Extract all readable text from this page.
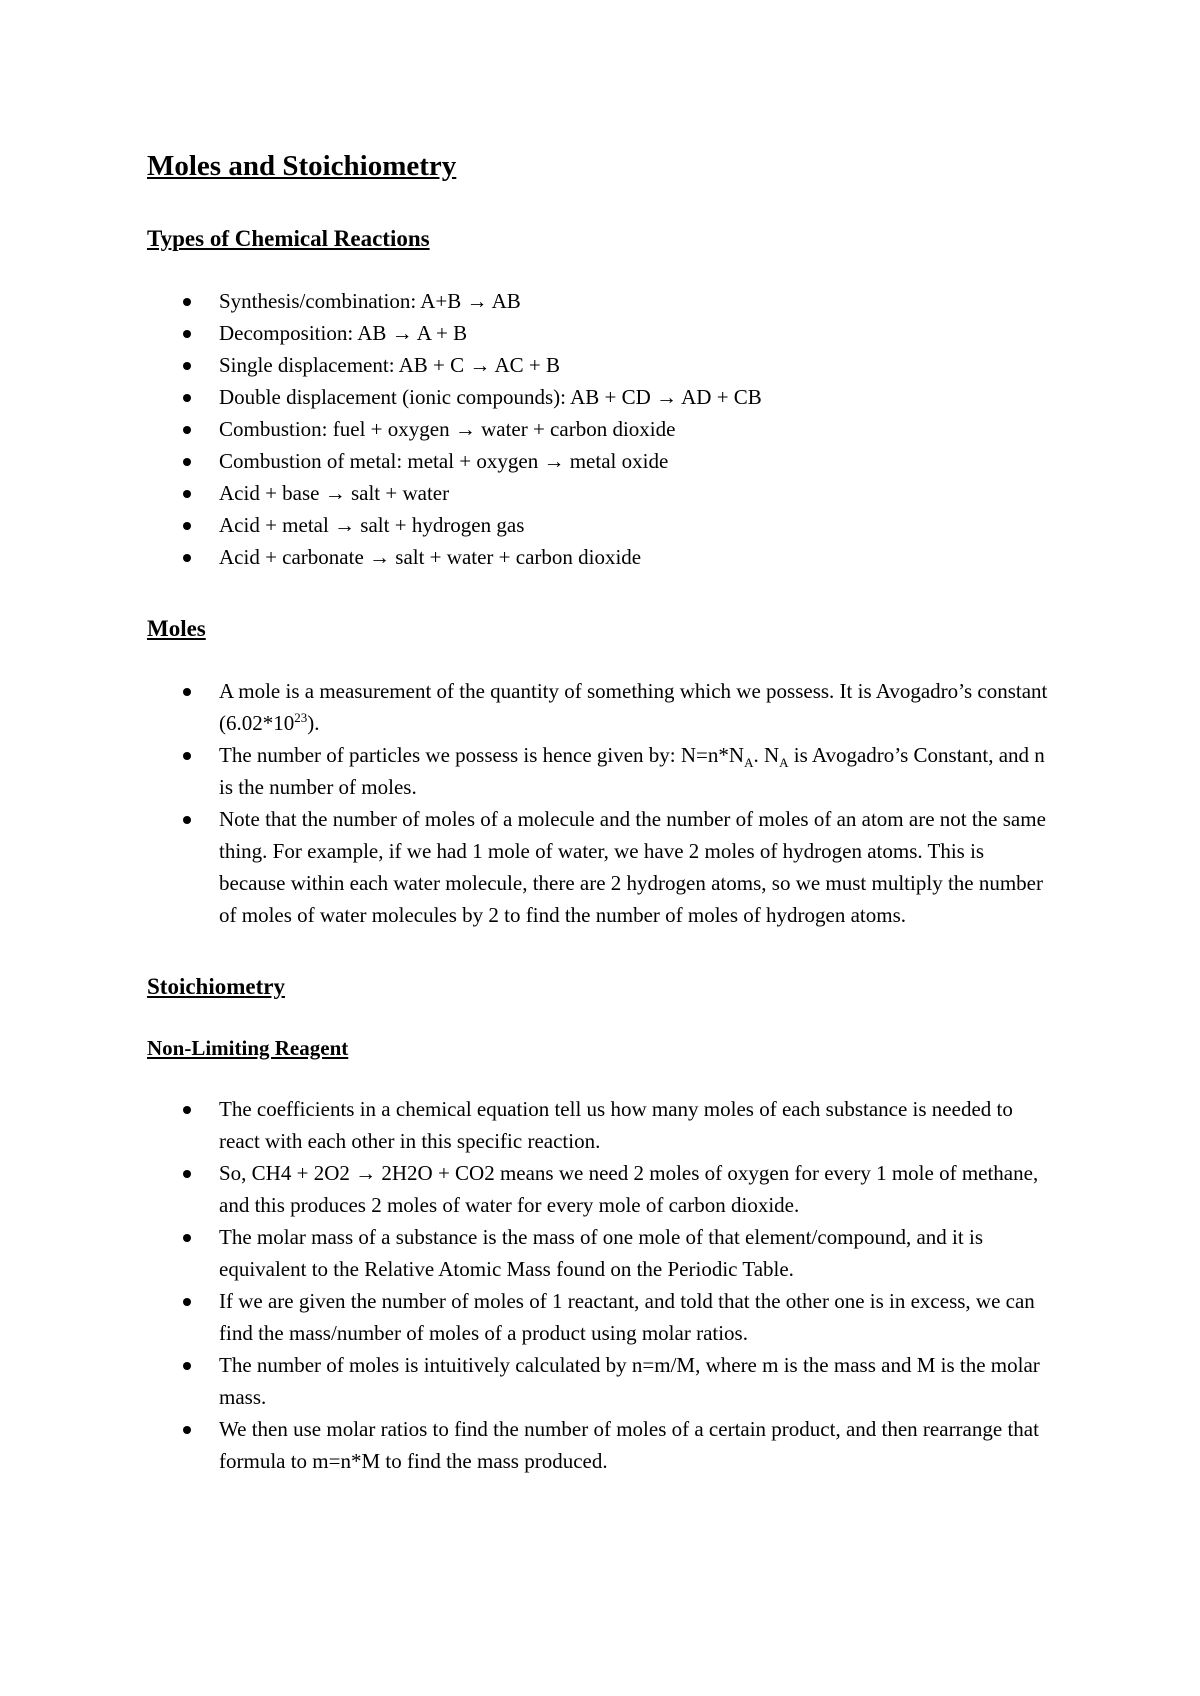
Moles and Stoichiometry
Types of Chemical Reactions
Synthesis/combination: A+B → AB
Decomposition: AB → A + B
Single displacement: AB + C → AC + B
Double displacement (ionic compounds): AB + CD → AD + CB
Combustion: fuel + oxygen → water + carbon dioxide
Combustion of metal: metal + oxygen → metal oxide
Acid + base → salt + water
Acid + metal → salt + hydrogen gas
Acid + carbonate → salt + water + carbon dioxide
Moles
A mole is a measurement of the quantity of something which we possess. It is Avogadro’s constant $(6.02*10^{23})$.
The number of particles we possess is hence given by: $N=n*N_A$. $N_A$ is Avogadro’s Constant, and n is the number of moles.
Note that the number of moles of a molecule and the number of moles of an atom are not the same thing. For example, if we had 1 mole of water, we have 2 moles of hydrogen atoms. This is because within each water molecule, there are 2 hydrogen atoms, so we must multiply the number of moles of water molecules by 2 to find the number of moles of hydrogen atoms.
Stoichiometry
Non-Limiting Reagent
The coefficients in a chemical equation tell us how many moles of each substance is needed to react with each other in this specific reaction.
So, CH4 + 2O2 → 2H2O + CO2 means we need 2 moles of oxygen for every 1 mole of methane, and this produces 2 moles of water for every mole of carbon dioxide.
The molar mass of a substance is the mass of one mole of that element/compound, and it is equivalent to the Relative Atomic Mass found on the Periodic Table.
If we are given the number of moles of 1 reactant, and told that the other one is in excess, we can find the mass/number of moles of a product using molar ratios.
The number of moles is intuitively calculated by n=m/M, where m is the mass and M is the molar mass.
We then use molar ratios to find the number of moles of a certain product, and then rearrange that formula to m=n*M to find the mass produced.
